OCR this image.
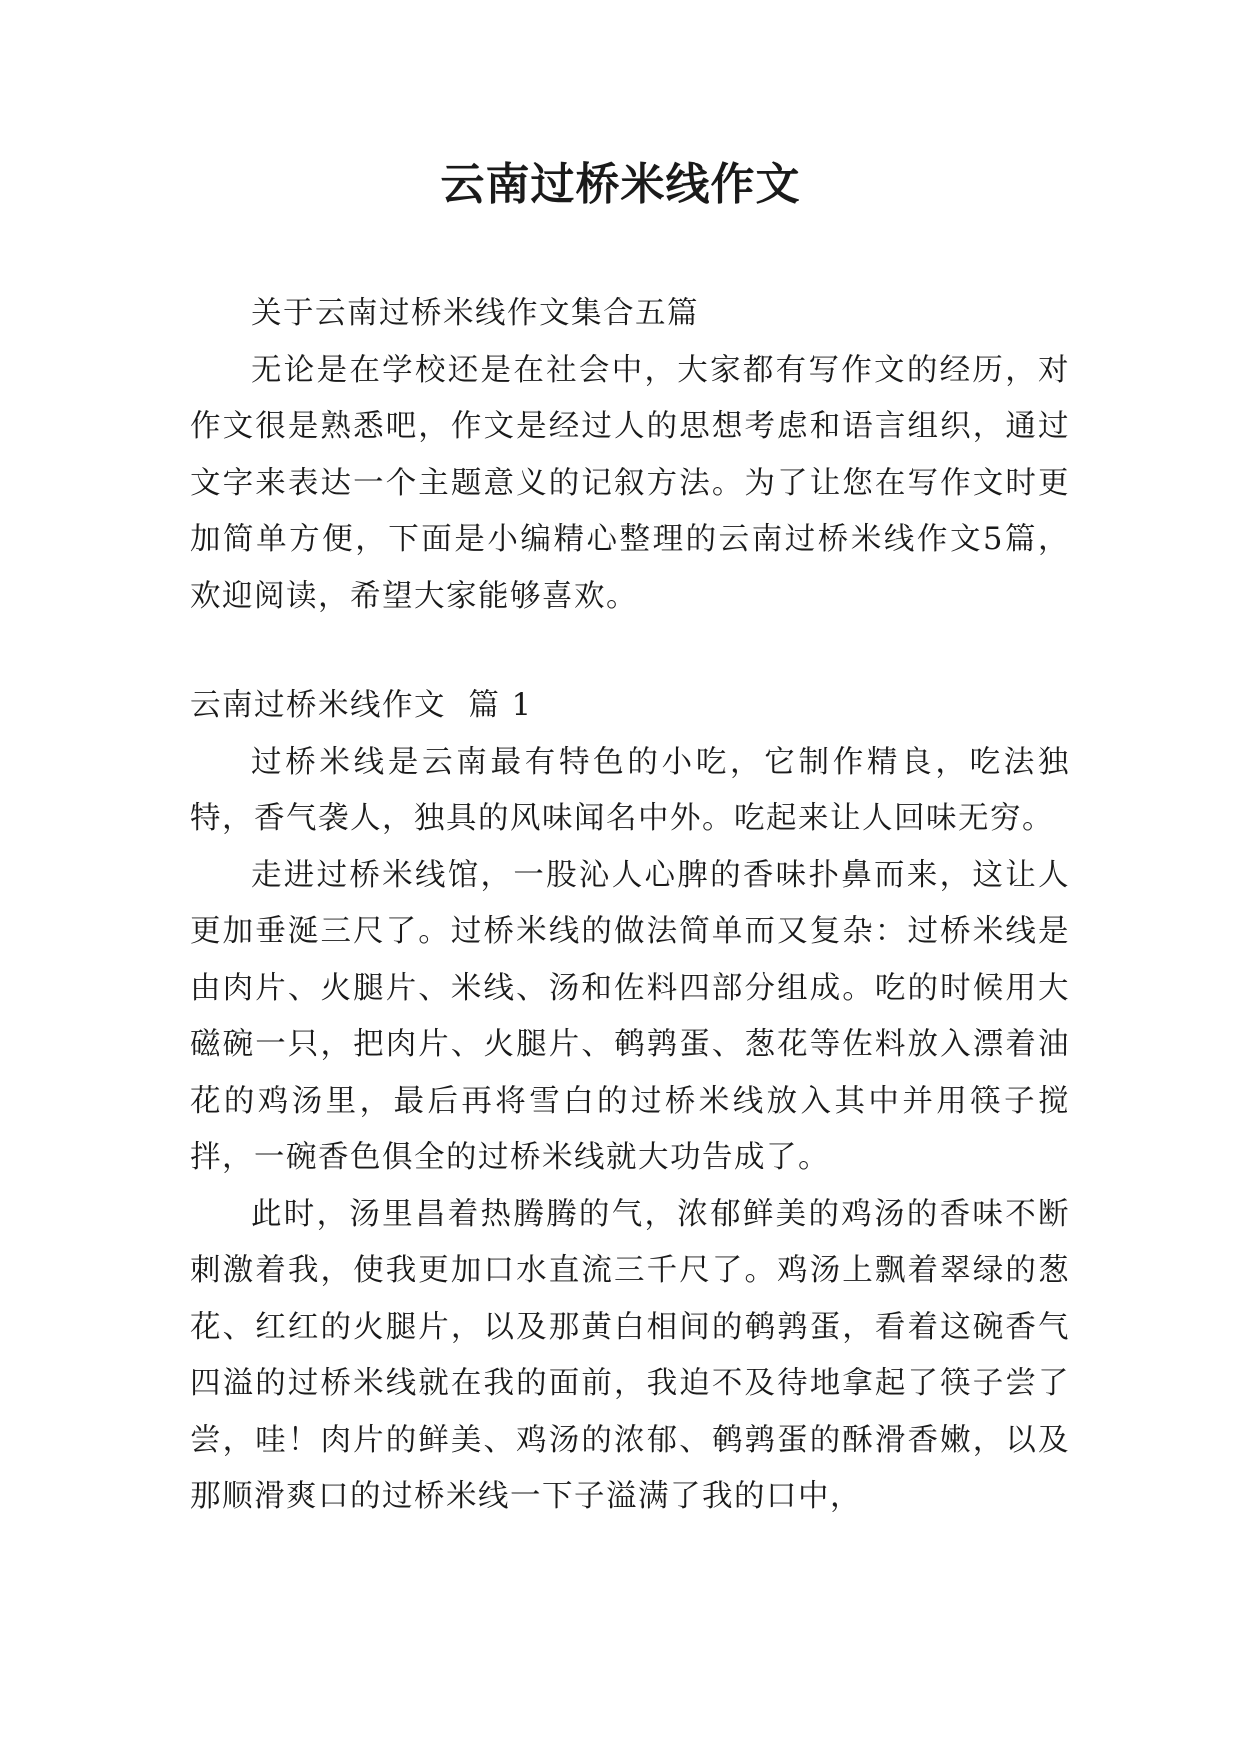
云南过桥米线作文

关于云南过桥米线作文集合五篇

无论是在学校还是在社会中，大家都有写作文的经历，对作文很是熟悉吧，作文是经过人的思想考虑和语言组织，通过文字来表达一个主题意义的记叙方法。为了让您在写作文时更加简单方便，下面是小编精心整理的云南过桥米线作文5篇，欢迎阅读，希望大家能够喜欢。

云南过桥米线作文  篇 1

过桥米线是云南最有特色的小吃，它制作精良，吃法独特，香气袭人，独具的风味闻名中外。吃起来让人回味无穷。

走进过桥米线馆，一股沁人心脾的香味扑鼻而来，这让人更加垂涎三尺了。过桥米线的做法简单而又复杂：过桥米线是由肉片、火腿片、米线、汤和佐料四部分组成。吃的时候用大磁碗一只，把肉片、火腿片、鹌鹑蛋、葱花等佐料放入漂着油花的鸡汤里，最后再将雪白的过桥米线放入其中并用筷子搅拌，一碗香色俱全的过桥米线就大功告成了。

此时，汤里昌着热腾腾的气，浓郁鲜美的鸡汤的香味不断刺激着我，使我更加口水直流三千尺了。鸡汤上飘着翠绿的葱花、红红的火腿片，以及那黄白相间的鹌鹑蛋，看着这碗香气四溢的过桥米线就在我的面前，我迫不及待地拿起了筷子尝了尝，哇！肉片的鲜美、鸡汤的浓郁、鹌鹑蛋的酥滑香嫩，以及那顺滑爽口的过桥米线一下子溢满了我的口中，
